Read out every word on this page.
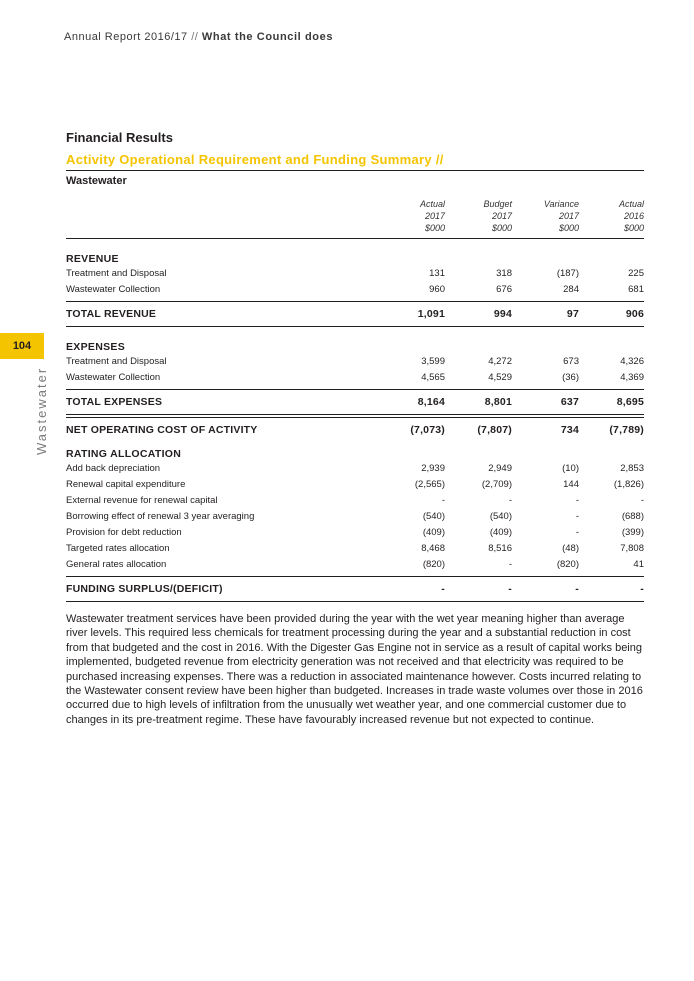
Annual Report 2016/17 // What the Council does
104
Wastewater
Financial Results
Activity Operational Requirement and Funding Summary //
Wastewater
Actual
2017
$000
Budget
2017
$000
Variance
2017
$000
Actual
2016
$000
REVENUE
Treatment and Disposal	131	318	(187)	225
Wastewater Collection	960	676	284	681
TOTAL REVENUE	1,091	994	97	906
EXPENSES
Treatment and Disposal	3,599	4,272	673	4,326
Wastewater Collection	4,565	4,529	(36)	4,369
TOTAL EXPENSES	8,164	8,801	637	8,695
NET OPERATING COST OF ACTIVITY	(7,073)	(7,807)	734	(7,789)
RATING ALLOCATION
Add back depreciation	2,939	2,949	(10)	2,853
Renewal capital expenditure	(2,565)	(2,709)	144	(1,826)
External revenue for renewal capital	-	-	-	-
Borrowing effect of renewal 3 year averaging	(540)	(540)	-	(688)
Provision for debt reduction	(409)	(409)	-	(399)
Targeted rates allocation	8,468	8,516	(48)	7,808
General rates allocation	(820)	-	(820)	41
FUNDING SURPLUS/(DEFICIT)	-	-	-	-
Wastewater treatment services have been provided during the year with the wet year meaning higher than average river levels. This required less chemicals for treatment processing during the year and a substantial reduction in cost from that budgeted and the cost in 2016. With the Digester Gas Engine not in service as a result of capital works being implemented, budgeted revenue from electricity generation was not received and that electricity was required to be purchased increasing expenses. There was a reduction in associated maintenance however. Costs incurred relating to the Wastewater consent review have been higher than budgeted. Increases in trade waste volumes over those in 2016 occurred due to high levels of infiltration from the unusually wet weather year, and one commercial customer due to changes in its pre-treatment regime. These have favourably increased revenue but not expected to continue.
